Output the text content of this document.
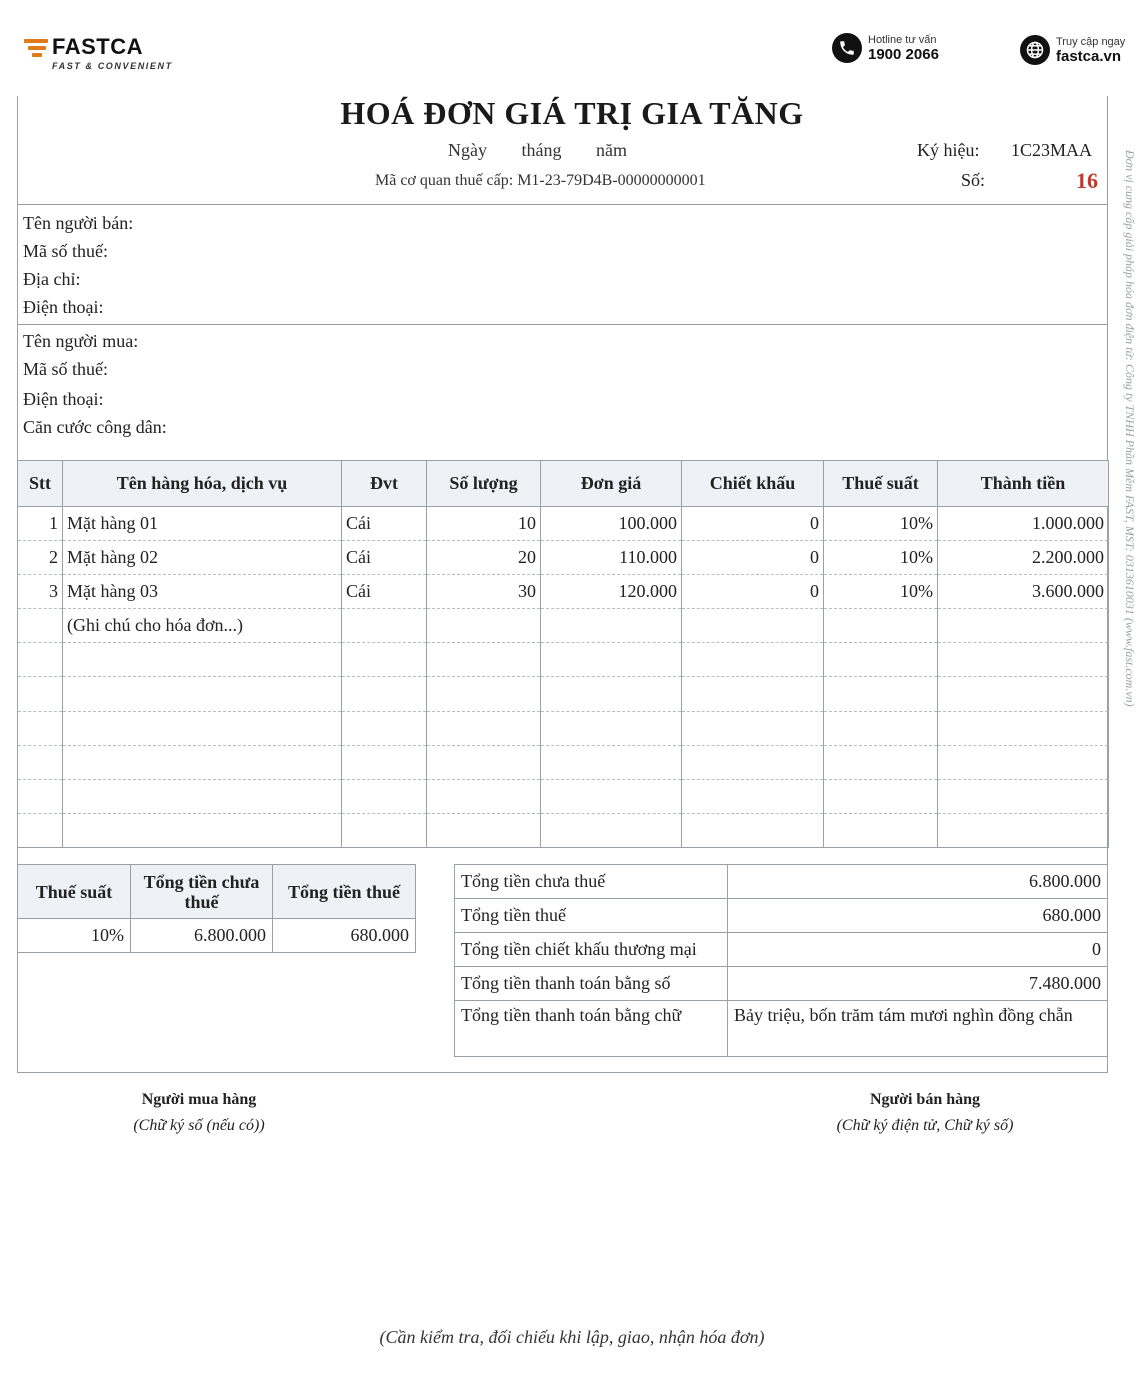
FASTCA
FAST & CONVENIENT
Hotline tư vấn
1900 2066
Truy cập ngay
fastca.vn
HOÁ ĐƠN GIÁ TRỊ GIA TĂNG
Ngày tháng năm
Mã cơ quan thuế cấp: M1-23-79D4B-00000000001
Ký hiệu: 1C23MAA
Số:	16
Tên người bán:
Mã số thuế:
Địa chỉ:
Điện thoại:
Tên người mua:
Mã số thuế:
Điện thoại:
Căn cước công dân:
Stt	Tên hàng hóa, dịch vụ	Đvt	Số lượng	Đơn giá	Chiết khấu	Thuế suất	Thành tiền
1	Mặt hàng 01	Cái	10	100.000	0	10%	1.000.000
2	Mặt hàng 02	Cái	20	110.000	0	10%	2.200.000
3	Mặt hàng 03	Cái	30	120.000	0	10%	3.600.000
	(Ghi chú cho hóa đơn...)						

Thuế suất	Tổng tiền chưa thuế	Tổng tiền thuế
10%	6.800.000	680.000
Tổng tiền chưa thuế	6.800.000
Tổng tiền thuế	680.000
Tổng tiền chiết khấu thương mại	0
Tổng tiền thanh toán bằng số	7.480.000
Tổng tiền thanh toán bằng chữ	Bảy triệu, bốn trăm tám mươi nghìn đồng chẵn
Người mua hàng
(Chữ ký số (nếu có))
Người bán hàng
(Chữ ký điện tử, Chữ ký số)
(Cần kiểm tra, đối chiếu khi lập, giao, nhận hóa đơn)
Đơn vị cung cấp giải pháp hóa đơn điện tử: Công ty TNHH Phần Mềm FAST, MST: 0313610031 (www.fast.com.vn)
